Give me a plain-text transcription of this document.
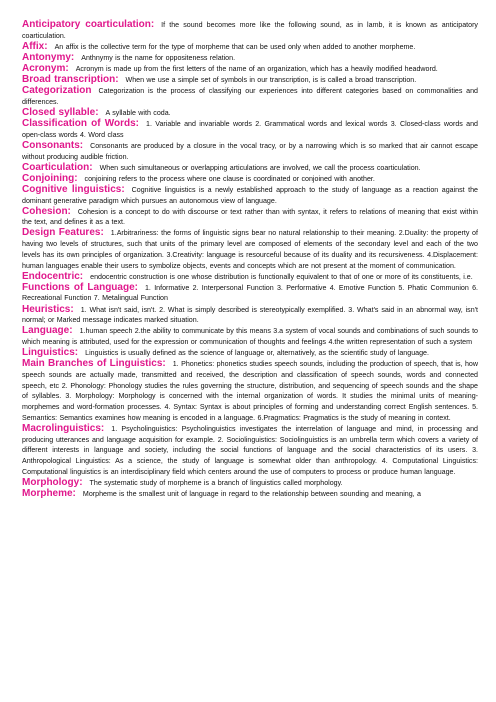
Anticipatory coarticulation: If the sound becomes more like the following sound, as in lamb, it is known as anticipatory coarticulation.

Affix: An affix is the collective term for the type of morpheme that can be used only when added to another morpheme.

Antonymy: Anthnymy is the name for oppositeness relation.

Acronym: Acronym is made up from the first letters of the name of an organization, which has a heavily modified headword.

Broad transcription: When we use a simple set of symbols in our transcription, is is called a broad transcription.

Categorization Categorization is the process of classifying our experiences into different categories based on commonalities and differences.

Closed syllable: A syllable with coda.

Classification of Words: 1. Variable and invariable words 2. Grammatical words and lexical words 3. Closed-class words and open-class words 4. Word class

Consonants: Consonants are produced by a closure in the vocal tracy, or by a narrowing which is so marked that air cannot escape without producing audible friction.

Coarticulation: When such simultaneous or overlapping articulations are involved, we call the process coarticulation.

Conjoining: conjoining refers to the process where one clause is coordinated or conjoined with another.

Cognitive linguistics: Cognitive linguistics is a newly established approach to the study of language as a reaction against the dominant generative paradigm which pursues an autonomous view of language.

Cohesion: Cohesion is a concept to do with discourse or text rather than with syntax, it refers to relations of meaning that exist within the text, and defines it as a text.

Design Features: 1.Arbitrariness: the forms of linguistic signs bear no natural relationship to their meaning. 2.Duality: the property of having two levels of structures, such that units of the primary level are composed of elements of the secondary level and each of the two levels has its own principles of organization. 3.Creativity: language is resourceful because of its duality and its recursiveness. 4.Displacement: human languages enable their users to symbolize objects, events and concepts which are not present at the moment of communication.

Endocentric: endocentric construction is one whose distribution is functionally equivalent to that of one or more of its constituents, i.e.

Functions of Language: 1. Informative 2. Interpersonal Function 3. Performative 4. Emotive Function 5. Phatic Communion 6. Recreational Function 7. Metalingual Function

Heuristics: 1. What isn't said, isn't. 2. What is simply described is stereotypically exemplified. 3. What's said in an abnormal way, isn't normal; or Marked message indicates marked situation.

Language: 1.human speech 2.the ability to communicate by this means 3.a system of vocal sounds and combinations of such sounds to which meaning is attributed, used for the expression or communication of thoughts and feelings 4.the written representation of such a system

Linguistics: Linguistics is usually defined as the science of language or, alternatively, as the scientific study of language.

Main Branches of Linguistics: 1. Phonetics: phonetics studies speech sounds, including the production of speech, that is, how speech sounds are actually made, transmitted and received, the description and classification of speech sounds, words and connected speech, etc 2. Phonology: Phonology studies the rules governing the structure, distribution, and sequencing of speech sounds and the shape of syllables. 3. Morphology: Morphology is concerned with the internal organization of words. It studies the minimal units of meaning-morphemes and word-formation processes. 4. Syntax: Syntax is about principles of forming and understanding correct English sentences. 5. Semantics: Semantics examines how meaning is encoded in a language. 6.Pragmatics: Pragmatics is the study of meaning in context.

Macrolinguistics: 1. Psycholinguistics: Psycholinguistics investigates the interrelation of language and mind, in processing and producing utterances and language acquisition for example. 2. Sociolinguistics: Sociolinguistics is an umbrella term which covers a variety of different interests in language and society, including the social functions of language and the social characteristics of its users. 3. Anthropological Linguistics: As a science, the study of language is somewhat older than anthropology. 4. Computational Linguistics: Computational linguistics is an interdisciplinary field which centers around the use of computers to process or produce human language.

Morphology: The systematic study of morpheme is a branch of linguistics called morphology.

Morpheme: Morpheme is the smallest unit of language in regard to the relationship between sounding and meaning, a
